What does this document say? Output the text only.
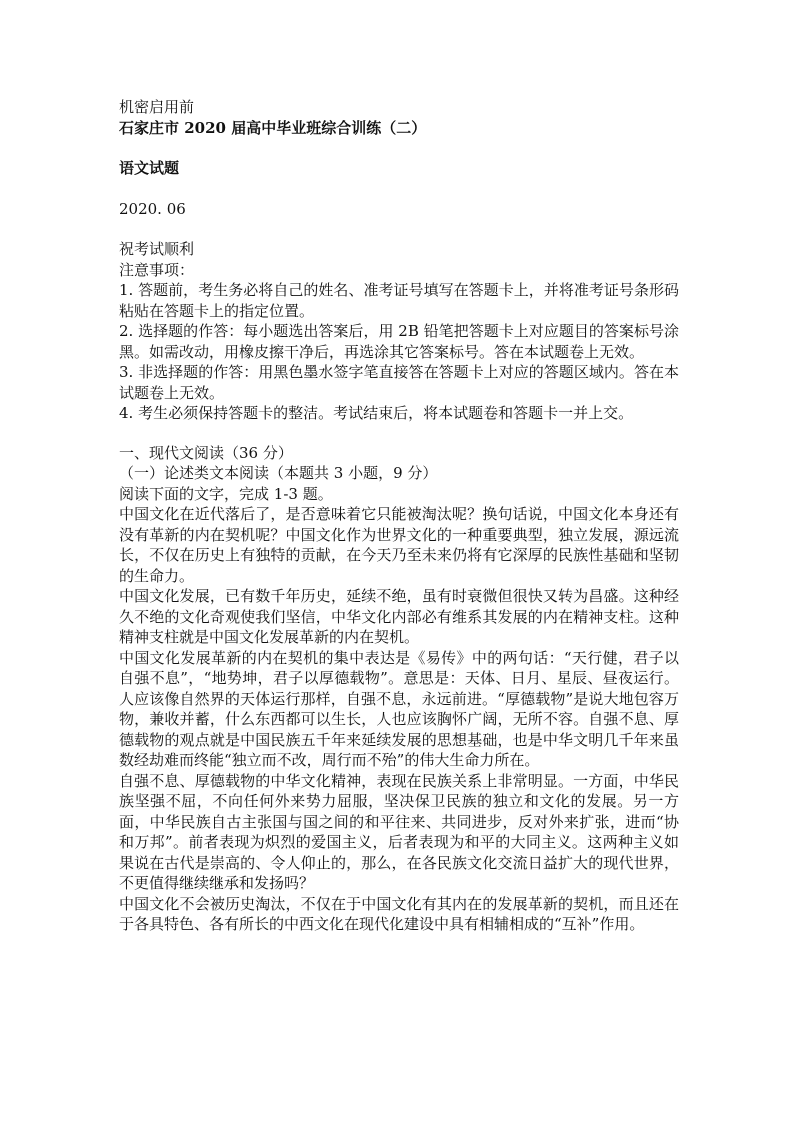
机密启用前

石家庄市 2020 届高中毕业班综合训练（二）

语文试题

2020. 06

祝考试顺利

注意事项：

1. 答题前，考生务必将自己的姓名、准考证号填写在答题卡上，并将准考证号条形码粘贴在答题卡上的指定位置。

2. 选择题的作答：每小题选出答案后，用 2B 铅笔把答题卡上对应题目的答案标号涂黑。如需改动，用橡皮擦干净后，再选涂其它答案标号。答在本试题卷上无效。

3. 非选择题的作答：用黑色墨水签字笔直接答在答题卡上对应的答题区域内。答在本试题卷上无效。

4. 考生必须保持答题卡的整洁。考试结束后，将本试题卷和答题卡一并上交。

一、现代文阅读（36 分）

（一）论述类文本阅读（本题共 3 小题，9 分）

阅读下面的文字，完成 1-3 题。

中国文化在近代落后了，是否意味着它只能被淘汰呢？换句话说，中国文化本身还有没有革新的内在契机呢？中国文化作为世界文化的一种重要典型，独立发展，源远流长，不仅在历史上有独特的贡献，在今天乃至未来仍将有它深厚的民族性基础和坚韧的生命力。

中国文化发展，已有数千年历史，延续不绝，虽有时衰微但很快又转为昌盛。这种经久不绝的文化奇观使我们坚信，中华文化内部必有维系其发展的内在精神支柱。这种精神支柱就是中国文化发展革新的内在契机。

中国文化发展革新的内在契机的集中表达是《易传》中的两句话：“天行健，君子以自强不息”，“地势坤，君子以厚德载物”。意思是：天体、日月、星辰、昼夜运行。人应该像自然界的天体运行那样，自强不息，永远前进。“厚德载物”是说大地包容万物，兼收并蓄，什么东西都可以生长，人也应该胸怀广阔，无所不容。自强不息、厚德载物的观点就是中国民族五千年来延续发展的思想基础，也是中华文明几千年来虽数经劫难而终能“独立而不改，周行而不殆”的伟大生命力所在。

自强不息、厚德载物的中华文化精神，表现在民族关系上非常明显。一方面，中华民族坚强不屈，不向任何外来势力屈服，坚决保卫民族的独立和文化的发展。另一方面，中华民族自古主张国与国之间的和平往来、共同进步，反对外来扩张，进而“协和万邦”。前者表现为炽烈的爱国主义，后者表现为和平的大同主义。这两种主义如果说在古代是崇高的、令人仰止的，那么，在各民族文化交流日益扩大的现代世界，不更值得继续继承和发扬吗？

中国文化不会被历史淘汰，不仅在于中国文化有其内在的发展革新的契机，而且还在于各具特色、各有所长的中西文化在现代化建设中具有相辅相成的“互补”作用。
